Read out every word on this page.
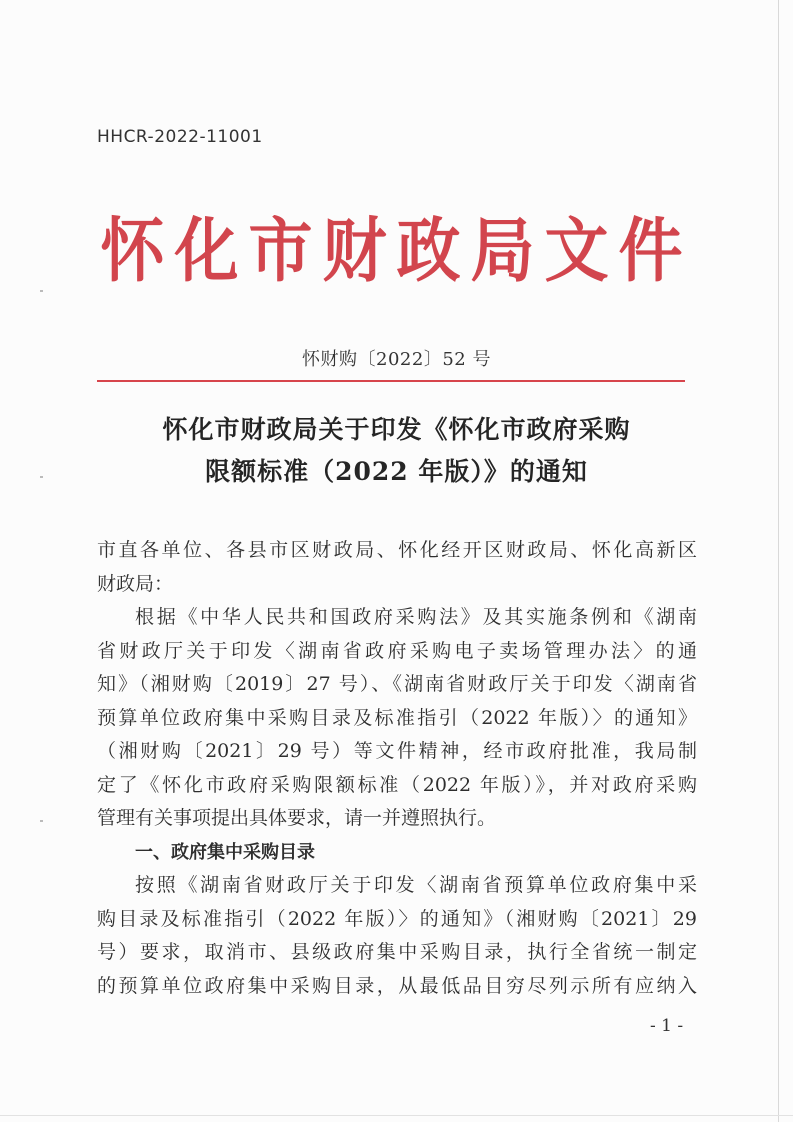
HHCR-2022-11001
怀化市财政局文件
怀财购〔2022〕52 号
怀化市财政局关于印发《怀化市政府采购
限额标准（2022 年版）》的通知
市直各单位、各县市区财政局、怀化经开区财政局、怀化高新区
财政局：
根据《中华人民共和国政府采购法》及其实施条例和《湖南
省财政厅关于印发〈湖南省政府采购电子卖场管理办法〉的通
知》（湘财购〔2019〕27 号）、《湖南省财政厅关于印发〈湖南省
预算单位政府集中采购目录及标准指引（2022 年版）〉的通知》
（湘财购〔2021〕29 号）等文件精神，经市政府批准，我局制
定了《怀化市政府采购限额标准（2022 年版）》，并对政府采购
管理有关事项提出具体要求，请一并遵照执行。
一、政府集中采购目录
按照《湖南省财政厅关于印发〈湖南省预算单位政府集中采
购目录及标准指引（2022 年版）〉的通知》（湘财购〔2021〕29
号）要求，取消市、县级政府集中采购目录，执行全省统一制定
的预算单位政府集中采购目录，从最低品目穷尽列示所有应纳入
- 1 -
